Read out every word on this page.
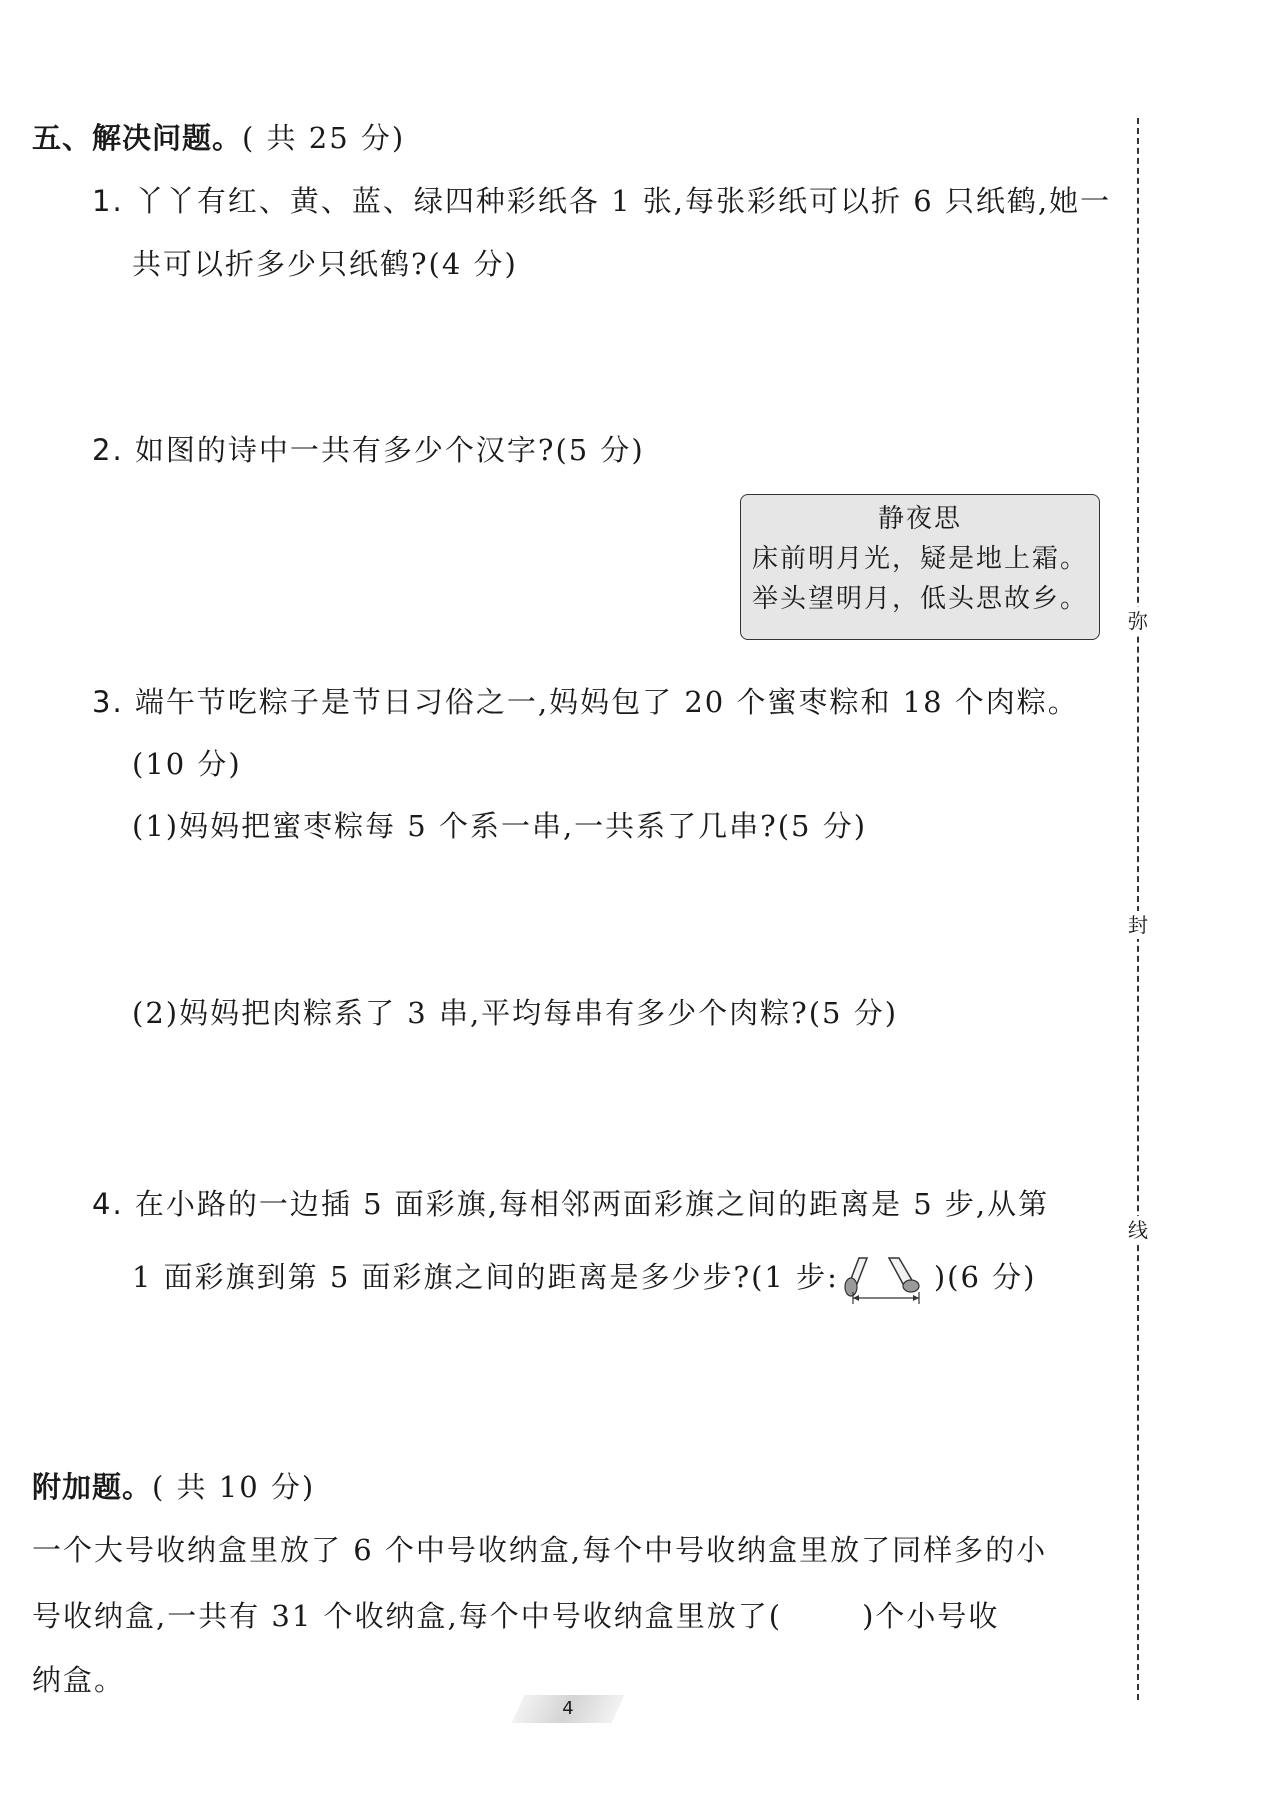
五、解决问题。( 共 25 分)
1. 丫丫有红、黄、蓝、绿四种彩纸各 1 张,每张彩纸可以折 6 只纸鹤,她一
共可以折多少只纸鹤?(4 分)
2. 如图的诗中一共有多少个汉字?(5 分)
静夜思
床前明月光，疑是地上霜。
举头望明月，低头思故乡。
3. 端午节吃粽子是节日习俗之一,妈妈包了 20 个蜜枣粽和 18 个肉粽。
(10 分)
(1)妈妈把蜜枣粽每 5 个系一串,一共系了几串?(5 分)
(2)妈妈把肉粽系了 3 串,平均每串有多少个肉粽?(5 分)
4. 在小路的一边插 5 面彩旗,每相邻两面彩旗之间的距离是 5 步,从第
1 面彩旗到第 5 面彩旗之间的距离是多少步?(1 步:	)(6 分)
附加题。( 共 10 分)
一个大号收纳盒里放了 6 个中号收纳盒,每个中号收纳盒里放了同样多的小
号收纳盒,一共有 31 个收纳盒,每个中号收纳盒里放了(	)个小号收
纳盒。
弥
封
线
4
